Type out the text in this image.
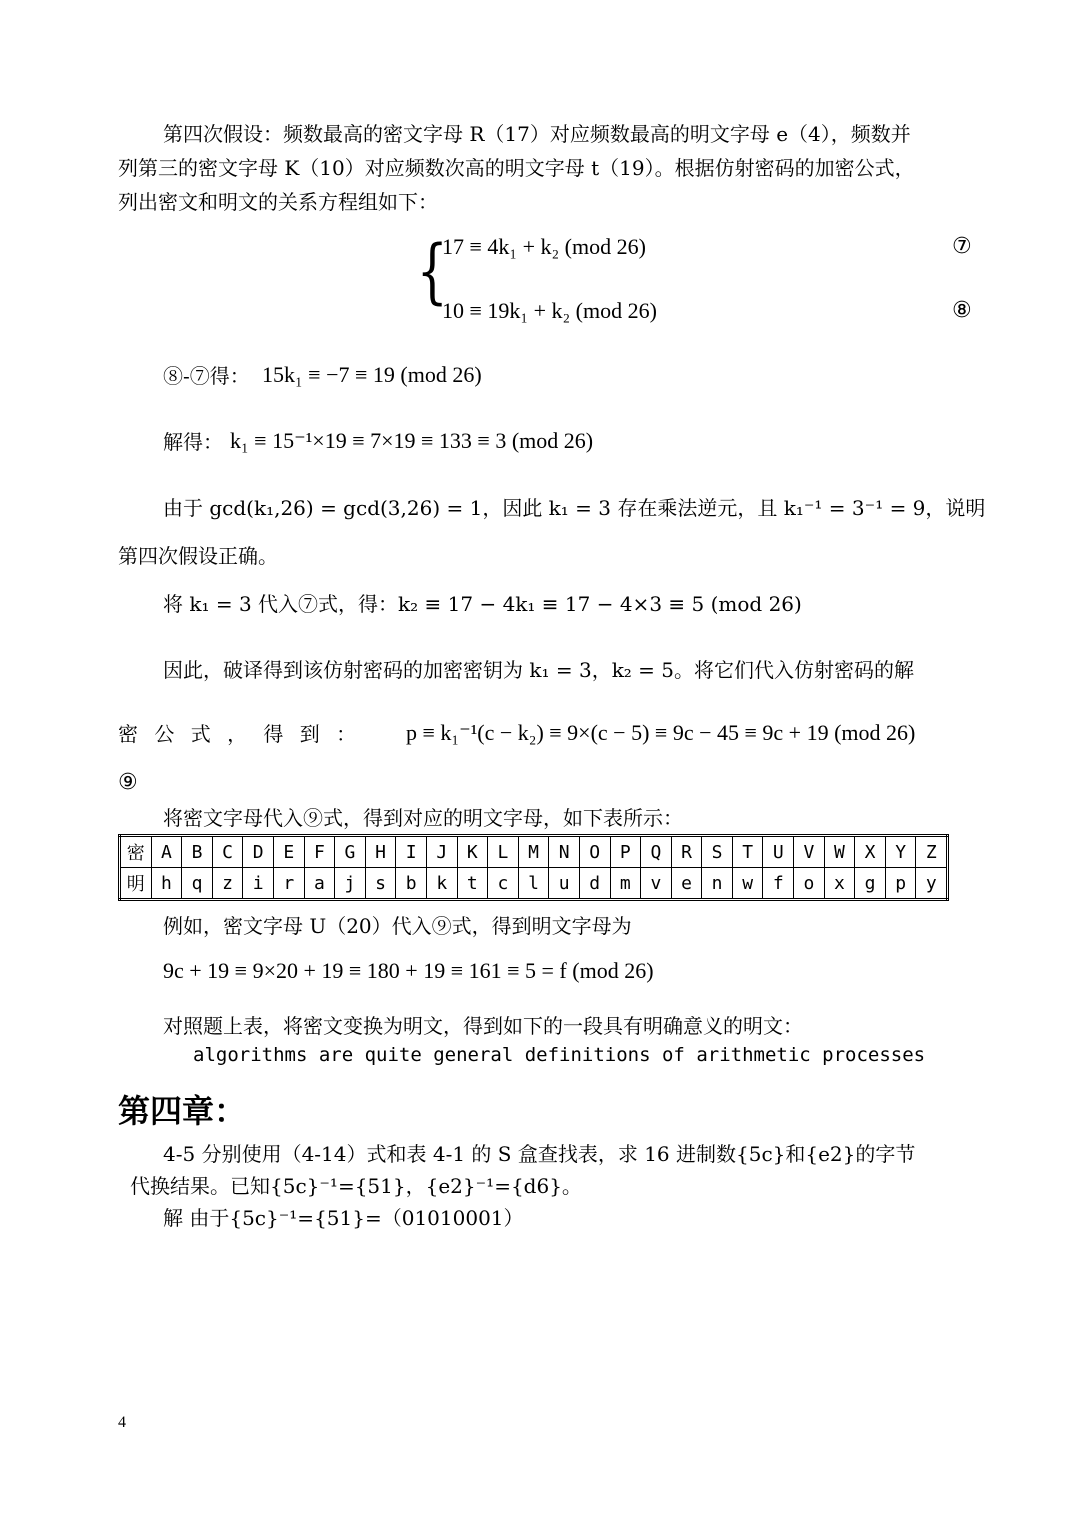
第四次假设：频数最高的密文字母 R（17）对应频数最高的明文字母 e（4），频数并
列第三的密文字母 K（10）对应频数次高的明文字母 t（19）。根据仿射密码的加密公式，
列出密文和明文的关系方程组如下：
{
17 ≡ 4k₁ + k₂ (mod 26)	⑦
10 ≡ 19k₁ + k₂ (mod 26)	⑧
⑧-⑦得： 15k₁ ≡ −7 ≡ 19 (mod 26)
解得： k₁ ≡ 15⁻¹×19 ≡ 7×19 ≡ 133 ≡ 3 (mod 26)
由于 gcd(k₁,26) = gcd(3,26) = 1，因此 k₁ = 3 存在乘法逆元，且 k₁⁻¹ = 3⁻¹ = 9，说明
第四次假设正确。
将 k₁ = 3 代入⑦式，得：k₂ ≡ 17 − 4k₁ ≡ 17 − 4×3 ≡ 5 (mod 26)
因此，破译得到该仿射密码的加密密钥为 k₁ = 3，k₂ = 5。将它们代入仿射密码的解
密 公 式 ， 得 到 ： p ≡ k₁⁻¹(c − k₂) ≡ 9×(c − 5) ≡ 9c − 45 ≡ 9c + 19 (mod 26)
⑨
将密文字母代入⑨式，得到对应的明文字母，如下表所示：
密	A	B	C	D	E	F	G	H	I	J	K	L	M	N	O	P	Q	R	S	T	U	V	W	X	Y	Z
明	h	q	z	i	r	a	j	s	b	k	t	c	l	u	d	m	v	e	n	w	f	o	x	g	p	y
例如，密文字母 U（20）代入⑨式，得到明文字母为
9c + 19 ≡ 9×20 + 19 ≡ 180 + 19 ≡ 161 ≡ 5 = f (mod 26)
对照题上表，将密文变换为明文，得到如下的一段具有明确意义的明文：
algorithms are quite general definitions of arithmetic processes
第四章：
4-5 分别使用（4-14）式和表 4-1 的 S 盒查找表，求 16 进制数{5c}和{e2}的字节
代换结果。已知{5c}⁻¹={51}，{e2}⁻¹={d6}。
解 由于{5c}⁻¹={51}=（01010001）
4
